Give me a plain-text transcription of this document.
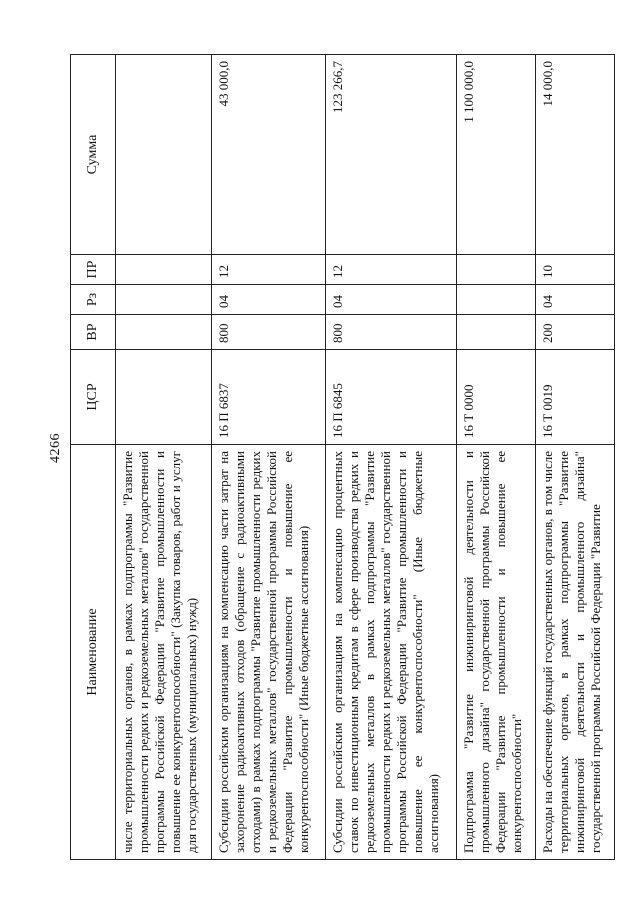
4266
Наименование	ЦСР	ВР	Рз	ПР	Сумма
числе территориальных органов, в рамках подпрограммы "Развитие промышленности редких и редкоземельных металлов" государственной программы Российской Федерации "Развитие промышленности и повышение ее конкурентоспособности" (Закупка товаров, работ и услуг для государственных (муниципальных) нужд)					
Субсидии российским организациям на компенсацию части затрат на захоронение радиоактивных отходов (обращение с радиоактивными отходами) в рамках подпрограммы "Развитие промышленности редких и редкоземельных металлов" государственной программы Российской Федерации "Развитие промышленности и повышение ее конкурентоспособности" (Иные бюджетные ассигнования)	16 П 6837	800	04	12	43 000,0
Субсидии российским организациям на компенсацию процентных ставок по инвестиционным кредитам в сфере производства редких и редкоземельных металлов в рамках подпрограммы "Развитие промышленности редких и редкоземельных металлов" государственной программы Российской Федерации "Развитие промышленности и повышение ее конкурентоспособности" (Иные бюджетные ассигнования)	16 П 6845	800	04	12	123 266,7
Подпрограмма "Развитие инжиниринговой деятельности и промышленного дизайна" государственной программы Российской Федерации "Развитие промышленности и повышение ее конкурентоспособности"	16 Т 0000				1 100 000,0
Расходы на обеспечение функций государственных органов, в том числе территориальных органов, в рамках подпрограммы "Развитие инжиниринговой деятельности и промышленного дизайна" государственной программы Российской Федерации "Развитие	16 Т 0019	200	04	10	14 000,0
